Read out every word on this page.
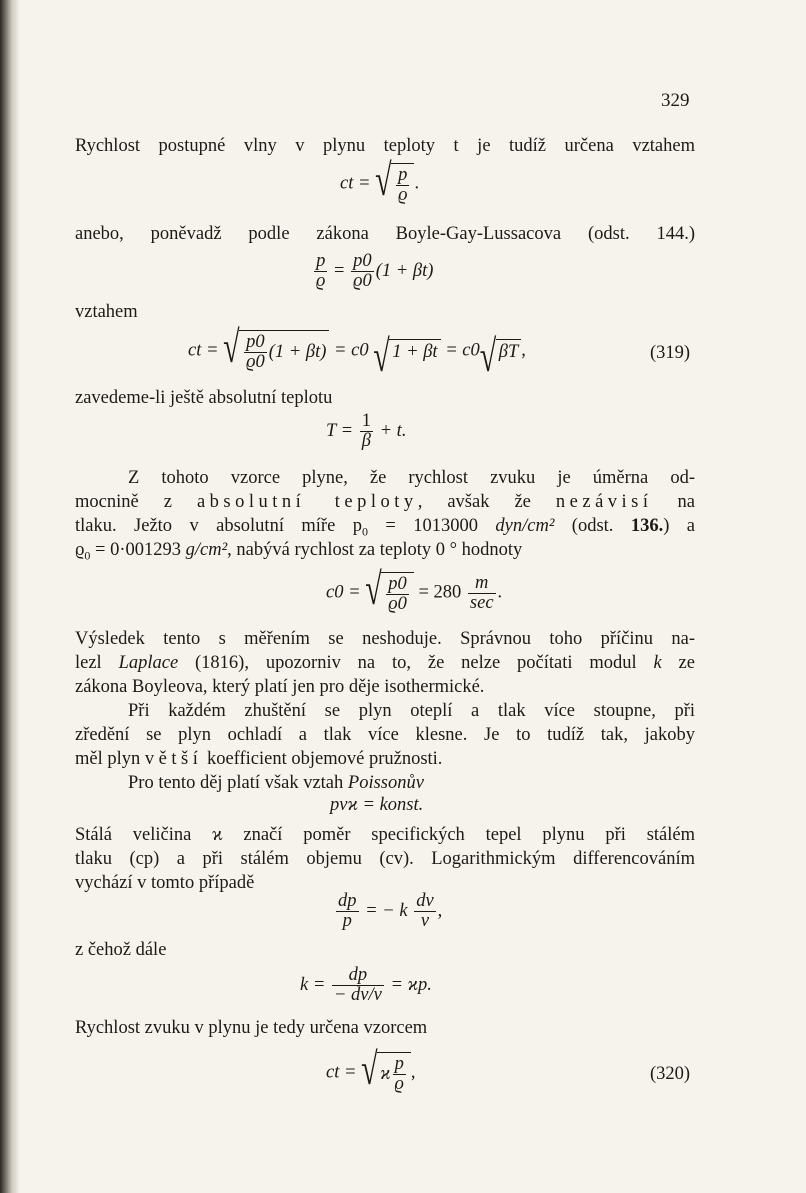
329
Rychlost postupné vlny v plynu teploty t je tudíž určena vztahem
ct = √ $\frac{p}{ϱ}$ .
anebo, poněvadž podle zákona Boyle-Gay-Lussacova (odst. 144.)
$\frac{p}{ϱ} = \frac{p0}{ϱ0} (1 + \beta t)$
vztahem
ct = √ $\frac{p0}{ϱ0} (1 + \beta t) = c0$ √ 1 + βt = c0 √ βT ,	(319)
zavedeme-li ještě absolutní teplotu
$T = \frac{1}{\beta} + t$.
Z tohoto vzorce plyne, že rychlost zvuku je úměrna od-
mocnině z absolutní teploty, avšak že nezávisí na
tlaku. Ježto v absolutní míře $p_0 = 1013000$ dyn/cm² (odst. 136.) a
$ϱ_0 = 0\cdot 001293$ g/cm², nabývá rychlost za teploty 0 ° hodnoty
c0 = √ $\frac{p0}{ϱ0} = 280 \frac{m}{\sec}$ .
Výsledek tento s měřením se neshoduje. Správnou toho příčinu na-
lezl Laplace (1816), upozorniv na to, že nelze počítati modul k ze
zákona Boyleova, který platí jen pro děje isothermické.
Při každém zhuštění se plyn oteplí a tlak více stoupne, při
zředění se plyn ochladí a tlak více klesne. Je to tudíž tak, jakoby
měl plyn větší koefficient objemové pružnosti.
Pro tento děj platí však vztah Poissonův
pvϰ = konst.
Stálá veličina ϰ značí poměr specifických tepel plynu při stálém
tlaku (cp) a při stálém objemu (cv). Logarithmickým differencováním
vychází v tomto případě
$\frac{dp}{p}$ = − k $\frac{dv}{v}$ ,
z čehož dále
$k = \frac{dp}{- dv/v} = ϰp$.
Rychlost zvuku v plynu je tedy určena vzorcem
ct = √ ϰ $\frac{p}{ϱ}$ ,	(320)
